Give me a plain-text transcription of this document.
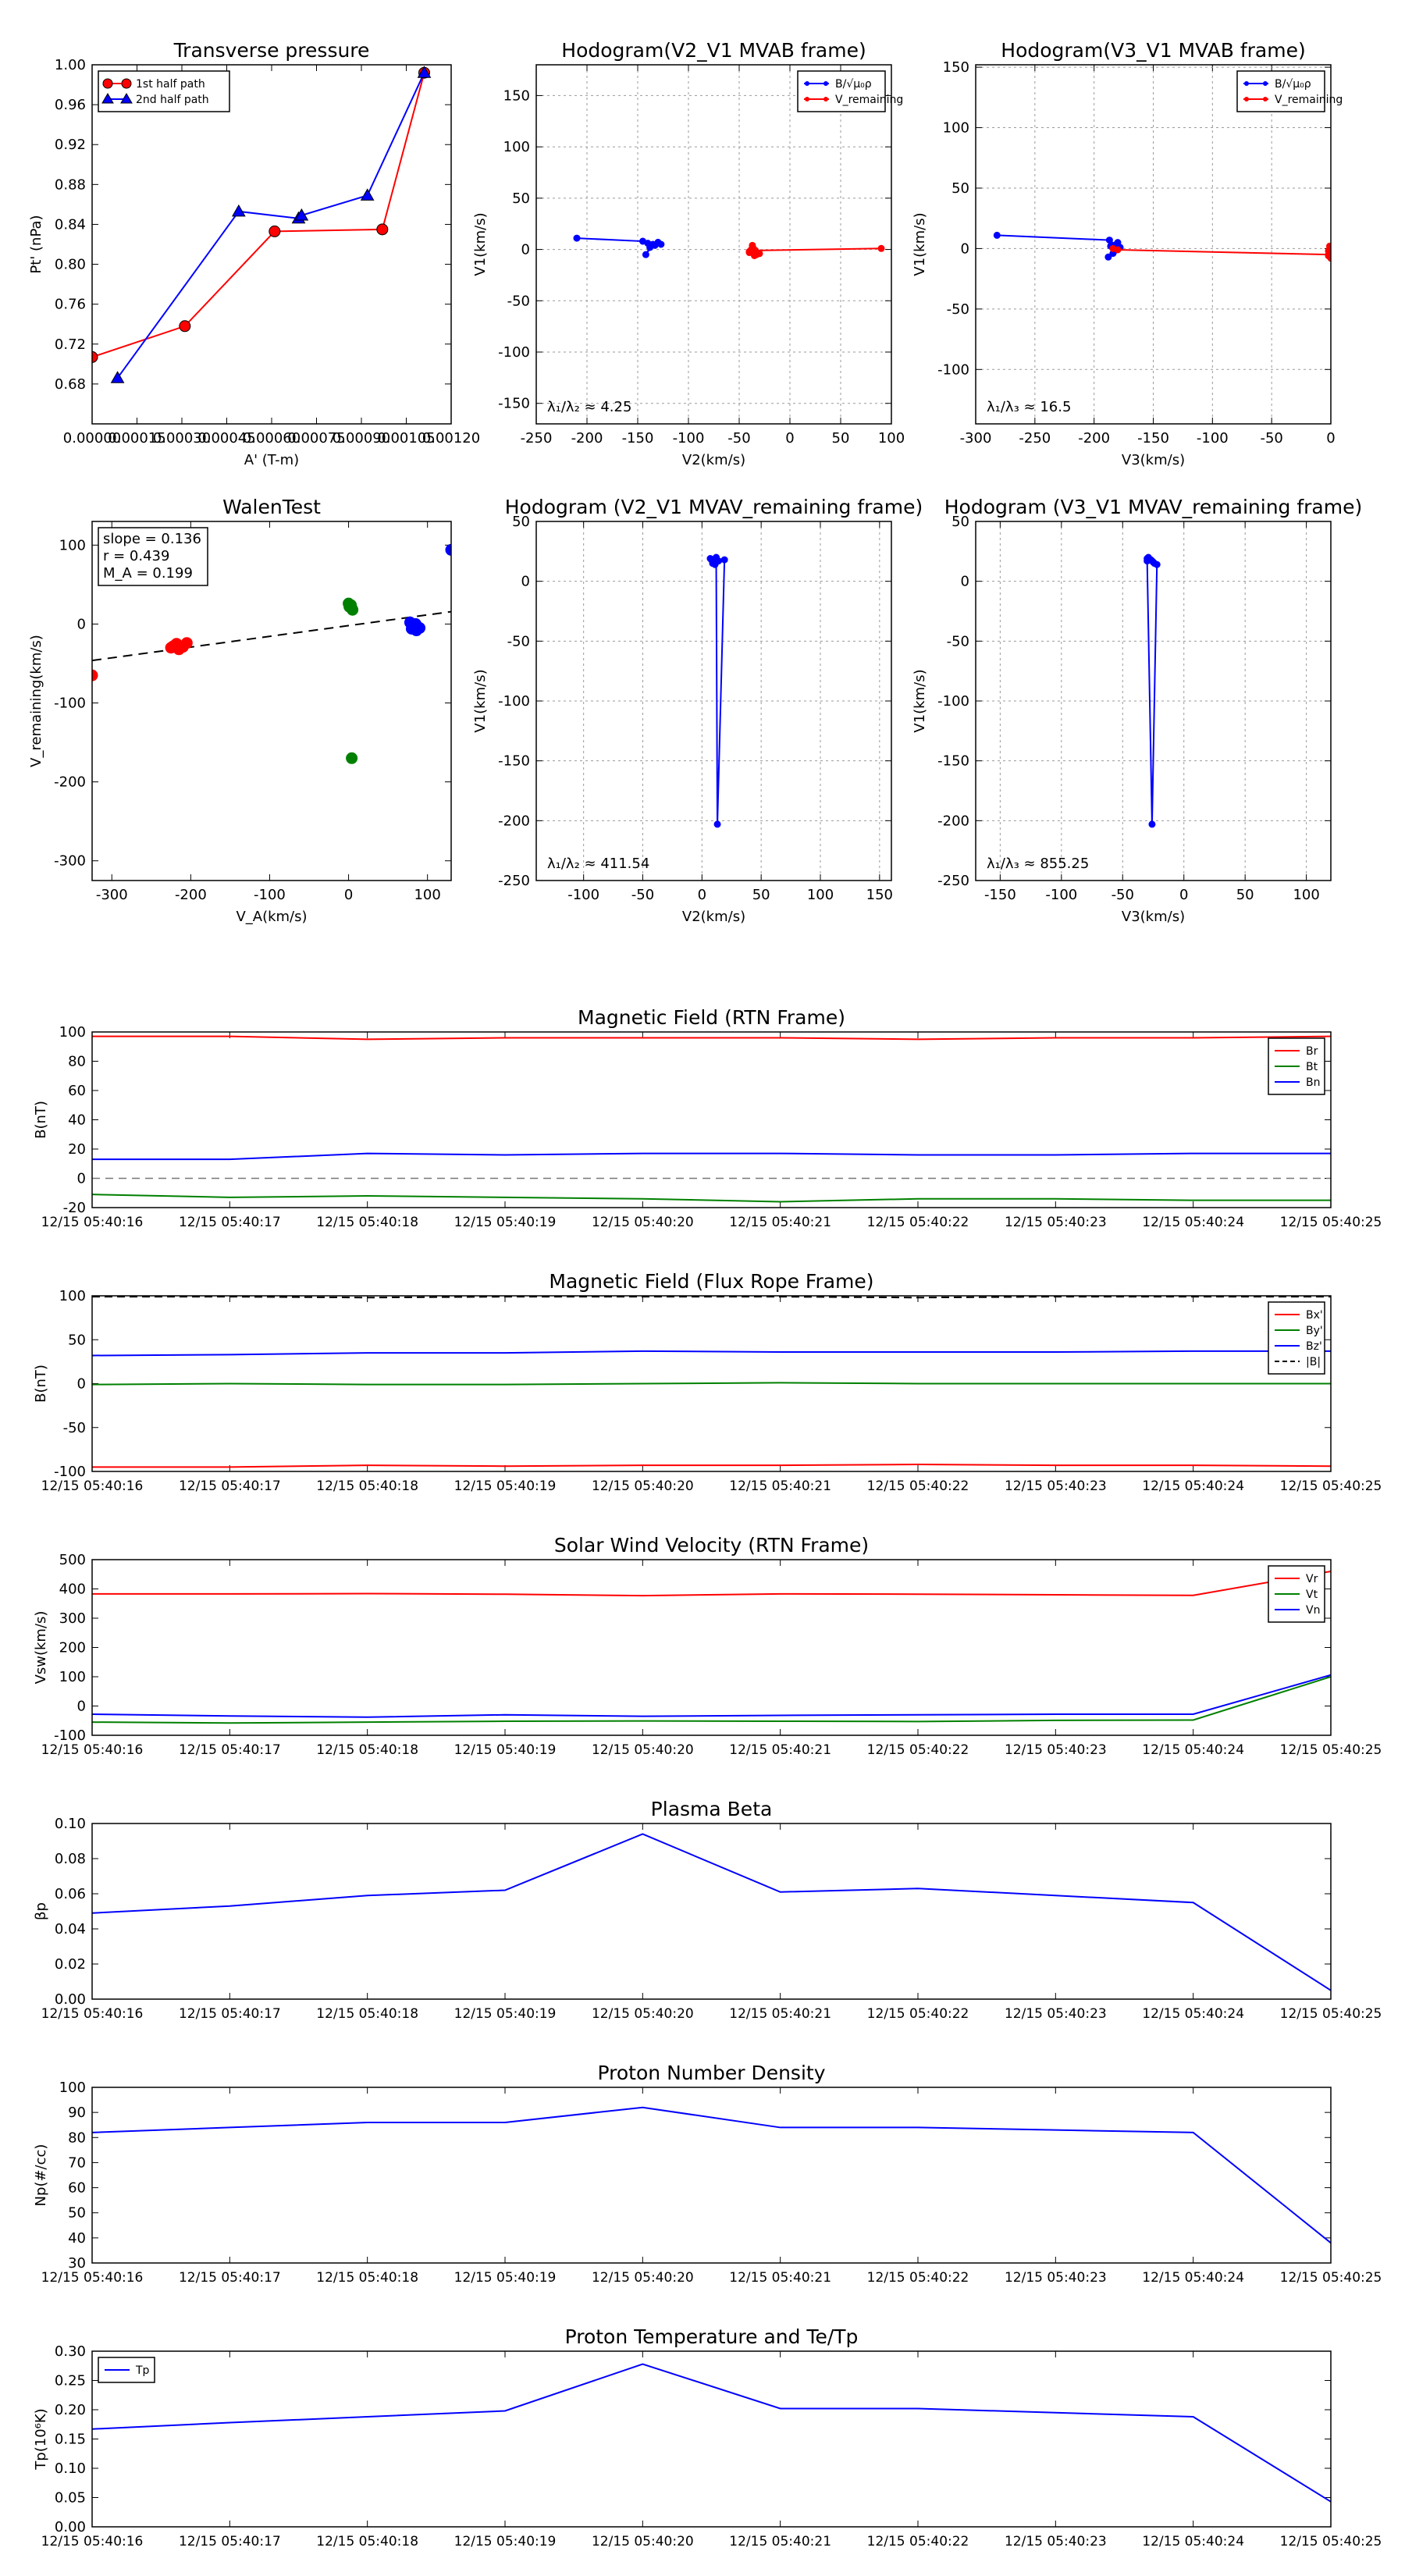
Transverse pressure
0.00000
0.00015
0.00030
0.00045
0.00060
0.00075
0.00090
0.00105
0.00120
0.68
0.72
0.76
0.80
0.84
0.88
0.92
0.96
1.00
A' (T-m)
Pt' (nPa)
1st half path
2nd half path
Hodogram(V2_V1 MVAB frame)
-250 -200 -150 -100 -50 0	50 100
-150
-100
-50
0
50
100
150
V2(km/s)
V1(km/s)
λ₁/λ₂ ≈ 4.25
B/√μ₀ρ
V_remaining
Hodogram(V3_V1 MVAB frame)
-300 -250 -200 -150 -100 -50	0
-100
-50
0
50
100
150
V3(km/s)
V1(km/s)
λ₁/λ₃ ≈ 16.5
B/√μ₀ρ
V_remaining
WalenTest
-300	-200	-100	0	100
-300
-200
-100
0
100
V_A(km/s)
V_remaining(km/s)
slope = 0.136
r = 0.439
M_A = 0.199
Hodogram (V2_V1 MVAV_remaining frame)
-100 -50	0	50	100 150
-250
-200
-150
-100
-50
0
50
V2(km/s)
V1(km/s)
λ₁/λ₂ ≈ 411.54
Hodogram (V3_V1 MVAV_remaining frame)
-150 -100 -50	0	50	100
-250
-200
-150
-100
-50
0
50
V3(km/s)
V1(km/s)
λ₁/λ₃ ≈ 855.25
Magnetic Field (RTN Frame)
12/15 05:40:16	12/15 05:40:17	12/15 05:40:18	12/15 05:40:19	12/15 05:40:20	12/15 05:40:21	12/15 05:40:22	12/15 05:40:23	12/15 05:40:24	12/15 05:40:25
-20
0
20
40
60
80
100
B(nT)
Br
Bt
Bn
Magnetic Field (Flux Rope Frame)
12/15 05:40:16	12/15 05:40:17	12/15 05:40:18	12/15 05:40:19	12/15 05:40:20	12/15 05:40:21	12/15 05:40:22	12/15 05:40:23	12/15 05:40:24	12/15 05:40:25
-100
-50
0
50
100
B(nT)
Bx'
By'
Bz'
|B|
Solar Wind Velocity (RTN Frame)
12/15 05:40:16	12/15 05:40:17	12/15 05:40:18	12/15 05:40:19	12/15 05:40:20	12/15 05:40:21	12/15 05:40:22	12/15 05:40:23	12/15 05:40:24	12/15 05:40:25
-100
0
100
200
300
400
500
Vsw(km/s)
Vr
Vt
Vn
Plasma Beta
12/15 05:40:16	12/15 05:40:17	12/15 05:40:18	12/15 05:40:19	12/15 05:40:20	12/15 05:40:21	12/15 05:40:22	12/15 05:40:23	12/15 05:40:24	12/15 05:40:25
0.00
0.02
0.04
0.06
0.08
0.10
βp
Proton Number Density
12/15 05:40:16	12/15 05:40:17	12/15 05:40:18	12/15 05:40:19	12/15 05:40:20	12/15 05:40:21	12/15 05:40:22	12/15 05:40:23	12/15 05:40:24	12/15 05:40:25
30
40
50
60
70
80
90
100
Np(#/cc)
Proton Temperature and Te/Tp
12/15 05:40:16	12/15 05:40:17	12/15 05:40:18	12/15 05:40:19	12/15 05:40:20	12/15 05:40:21	12/15 05:40:22	12/15 05:40:23	12/15 05:40:24	12/15 05:40:25
0.00
0.05
0.10
0.15
0.20
0.25
0.30
Tp(10⁶K)
Tp
